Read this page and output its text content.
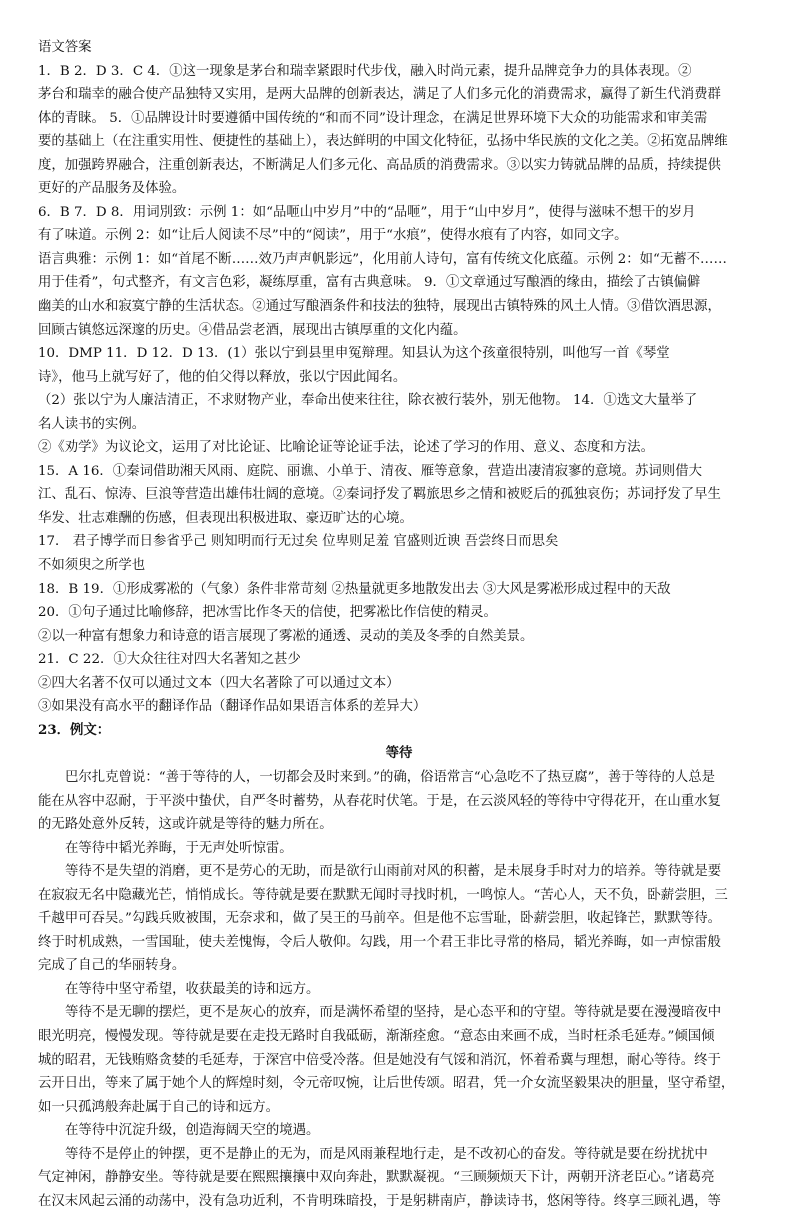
语文答案
1．B 2．D 3．C 4．①这一现象是茅台和瑞幸紧跟时代步伐，融入时尚元素，提升品牌竞争力的具体表现。②
茅台和瑞幸的融合使产品独特又实用，是两大品牌的创新表达，满足了人们多元化的消费需求，赢得了新生代消费群
体的青睐。 5．①品牌设计时要遵循中国传统的“和而不同”设计理念，在满足世界环境下大众的功能需求和审美需
要的基础上（在注重实用性、便捷性的基础上），表达鲜明的中国文化特征，弘扬中华民族的文化之美。②拓宽品牌维
度，加强跨界融合，注重创新表达，不断满足人们多元化、高品质的消费需求。③以实力铸就品牌的品质，持续提供
更好的产品服务及体验。
6．B 7．D 8．用词別致：示例 1：如“品咂山中岁月”中的“品咂”，用于“山中岁月”，使得与滋味不想干的岁月
有了味道。示例 2：如“让后人阅读不尽”中的“阅读”，用于“水痕”，使得水痕有了内容，如同文字。
语言典雅：示例 1：如“首尾不断……效乃声声帆影远”，化用前人诗句，富有传统文化底蕴。示例 2：如“无蓄不……
用于佳肴”，句式整齐，有文言色彩，凝练厚重，富有古典意味。 9．①文章通过写酿酒的缘由，描绘了古镇偏僻
幽美的山水和寂寞宁静的生活状态。②通过写酿酒条件和技法的独特，展现出古镇特殊的风土人情。③借饮酒思源，
回顾古镇悠远深邃的历史。④借品尝老酒，展现出古镇厚重的文化内蕴。
10．DMP 11．D 12．D 13．(1）张以宁到县里申冤辩理。知县认为这个孩童很特别，叫他写一首《琴堂
诗》，他马上就写好了，他的伯父得以释放，张以宁因此闻名。
（2）张以宁为人廉洁清正，不求财物产业，奉命出使来往往，除衣被行装外，别无他物。 14．①选文大量举了
名人读书的实例。
②《劝学》为议论文，运用了对比论证、比喻论证等论证手法，论述了学习的作用、意义、态度和方法。
15．A 16．①秦词借助湘天风雨、庭院、丽谯、小单于、清夜、雁等意象，营造出凄清寂寥的意境。苏词则借大
江、乱石、惊涛、巨浪等营造出雄伟壮阔的意境。②秦词抒发了羁旅思乡之情和被贬后的孤独哀伤；苏词抒发了早生
华发、壮志难酬的伤感，但表现出积极进取、豪迈旷达的心境。
17． 君子博学而日参省乎己 则知明而行无过矣 位卑则足羞 官盛则近谀 吾尝终日而思矣
不如须臾之所学也
18．B 19．①形成雾凇的（气象）条件非常苛刻 ②热量就更多地散发出去 ③大风是雾凇形成过程中的天敌
20．①句子通过比喻修辞，把冰雪比作冬天的信使，把雾凇比作信使的精灵。
②以一种富有想象力和诗意的语言展现了雾凇的通透、灵动的美及冬季的自然美景。
21．C 22．①大众往往对四大名著知之甚少
②四大名著不仅可以通过文本（四大名著除了可以通过文本）
③如果没有高水平的翻译作品（翻译作品如果语言体系的差异大）
23．例文：
等待
巴尔扎克曾说：“善于等待的人，一切都会及时来到。”的确，俗语常言“心急吃不了热豆腐”，善于等待的人总是
能在从容中忍耐，于平淡中蛰伏，自严冬时蓄势，从春花时伏笔。于是，在云淡风轻的等待中守得花开，在山重水复
的无路处意外反转，这或许就是等待的魅力所在。
在等待中韬光养晦，于无声处听惊雷。
等待不是失望的消磨，更不是劳心的无助，而是欲行山雨前对风的积蓄，是未展身手时对力的培养。等待就是要
在寂寂无名中隐藏光芒，悄悄成长。等待就是要在默默无闻时寻找时机，一鸣惊人。“苦心人，天不负，卧薪尝胆，三
千越甲可吞吴。”勾践兵败被围，无奈求和，做了吴王的马前卒。但是他不忘雪耻，卧薪尝胆，收起锋芒，默默等待。
终于时机成熟，一雪国耻，使夫差愧悔，令后人敬仰。勾践，用一个君王非比寻常的格局，韬光养晦，如一声惊雷般
完成了自己的华丽转身。
在等待中坚守希望，收获最美的诗和远方。
等待不是无聊的摆烂，更不是灰心的放弃，而是满怀希望的坚持，是心态平和的守望。等待就是要在漫漫暗夜中
眼光明亮，慢慢发现。等待就是要在走投无路时自我砥砺，渐渐痊愈。“意态由来画不成，当时枉杀毛延寿。”倾国倾
城的昭君，无钱贿赂贪婪的毛延寿，于深宫中倍受冷落。但是她没有气馁和消沉，怀着希冀与理想，耐心等待。终于
云开日出，等来了属于她个人的辉煌时刻，令元帝叹惋，让后世传颂。昭君，凭一介女流坚毅果决的胆量，坚守希望，
如一只孤鸿般奔赴属于自己的诗和远方。
在等待中沉淀升级，创造海阔天空的境遇。
等待不是停止的钟摆，更不是静止的无为，而是风雨兼程地行走，是不改初心的奋发。等待就是要在纷扰扰中
气定神闲，静静安坐。等待就是要在熙熙攘攘中双向奔赴，默默凝视。“三顾频烦天下计，两朝开济老臣心。”诸葛亮
在汉末风起云涌的动荡中，没有急功近利，不肯明珠暗投，于是躬耕南庐，静读诗书，悠闲等待。终享三顾礼遇，等
